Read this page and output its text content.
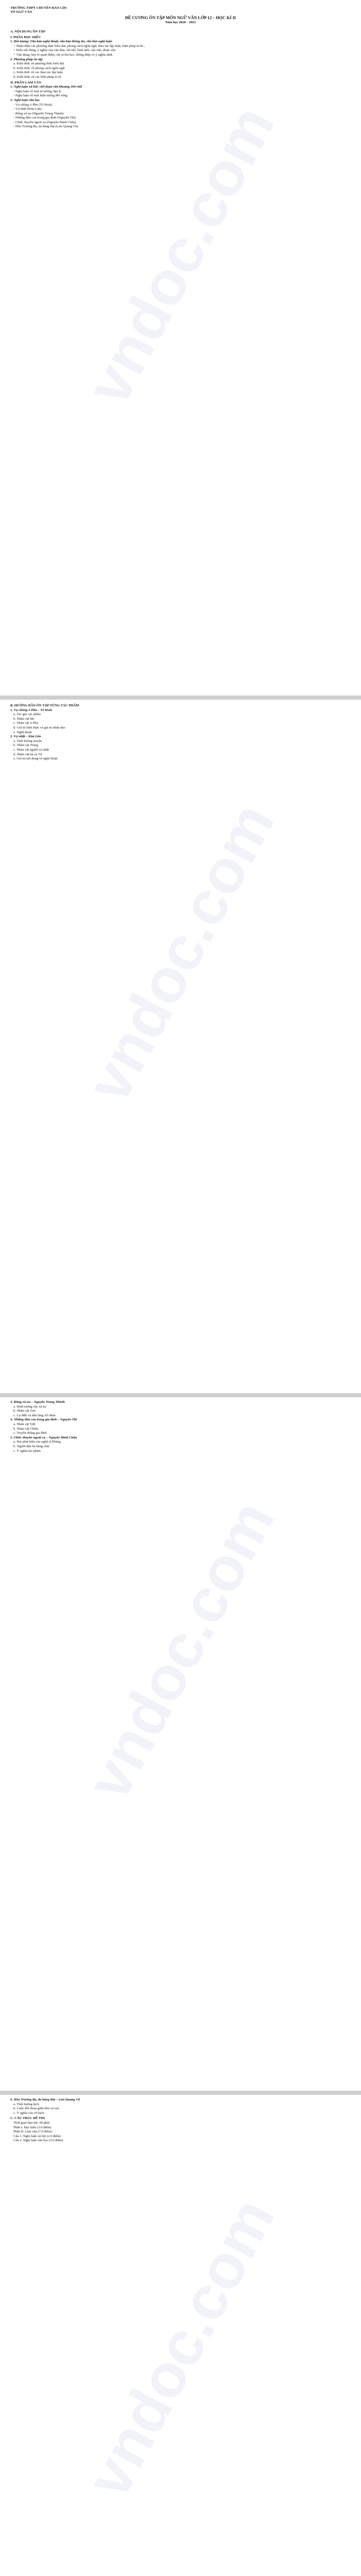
vndoc.com
TRƯỜNG THPT CHUYÊN BẢO LỘC
TỔ NGỮ VĂN
ĐỀ CƯƠNG ÔN TẬP MÔN NGỮ VĂN LỚP 12 – HỌC KÌ II
Năm học 2020 – 2021
A. NỘI DUNG ÔN TẬP
I. PHẦN ĐỌC HIỂU
1. Đối tượng: Văn bản nghệ thuật, văn bản thông tin, văn bản nghị luận
+ Nhận diện các phương thức biểu đạt, phong cách ngôn ngữ, thao tác lập luận, biện pháp tu từ...
+ Hiểu nội dung, ý nghĩa của văn bản, chi tiết, hình ảnh, câu văn, đoạn văn.
+ Vận dụng: bày tỏ quan điểm, rút ra bài học, thông điệp có ý nghĩa nhất.
2. Phương pháp ôn tập
a. Kiến thức về phương thức biểu đạt
b. Kiến thức về phong cách ngôn ngữ
c. Kiến thức về các thao tác lập luận
d. Kiến thức về các biện pháp tu từ
II. PHẦN LÀM VĂN
1. Nghị luận xã hội: viết đoạn văn khoảng 200 chữ
- Nghị luận về một tư tưởng, đạo lí.
- Nghị luận về một hiện tượng đời sống.
2. Nghị luận văn học
- Vợ chồng A Phủ (Tô Hoài)
- Vợ nhặt (Kim Lân)
- Rừng xà nu (Nguyễn Trung Thành)
- Những đứa con trong gia đình (Nguyễn Thi)
- Chiếc thuyền ngoài xa (Nguyễn Minh Châu)
- Hồn Trương Ba, da hàng thịt (Lưu Quang Vũ)
vndoc.com
B. HƯỚNG DẪN ÔN TẬP TỪNG TÁC PHẨM
1. Vợ chồng A Phủ – Tô Hoài
a. Tác giả, tác phẩm
b. Nhân vật Mị
c. Nhân vật A Phủ
d. Giá trị hiện thực và giá trị nhân đạo
e. Nghệ thuật
2. Vợ nhặt – Kim Lân
a. Tình huống truyện
b. Nhân vật Tràng
c. Nhân vật người vợ nhặt
d. Nhân vật bà cụ Tứ
e. Giá trị nội dung và nghệ thuật
vndoc.com
3. Rừng xà nu – Nguyễn Trung Thành
a. Hình tượng cây xà nu
b. Nhân vật Tnú
c. Cụ Mết và dân làng Xô Man
4. Những đứa con trong gia đình – Nguyễn Thi
a. Nhân vật Việt
b. Nhân vật Chiến
c. Truyền thống gia đình
5. Chiếc thuyền ngoài xa – Nguyễn Minh Châu
a. Hai phát hiện của nghệ sĩ Phùng
b. Người đàn bà hàng chài
c. Ý nghĩa tác phẩm
vndoc.com
6. Hồn Trương Ba, da hàng thịt – Lưu Quang Vũ
a. Tình huống kịch
b. Cuộc đối thoại giữa hồn và xác
c. Ý nghĩa của vở kịch
C. CẤU TRÚC ĐỀ THI
Thời gian làm bài: 90 phút
Phần I. Đọc hiểu (3.0 điểm)
Phần II. Làm văn (7.0 điểm)
Câu 1. Nghị luận xã hội (2.0 điểm)
Câu 2. Nghị luận văn học (5.0 điểm)
